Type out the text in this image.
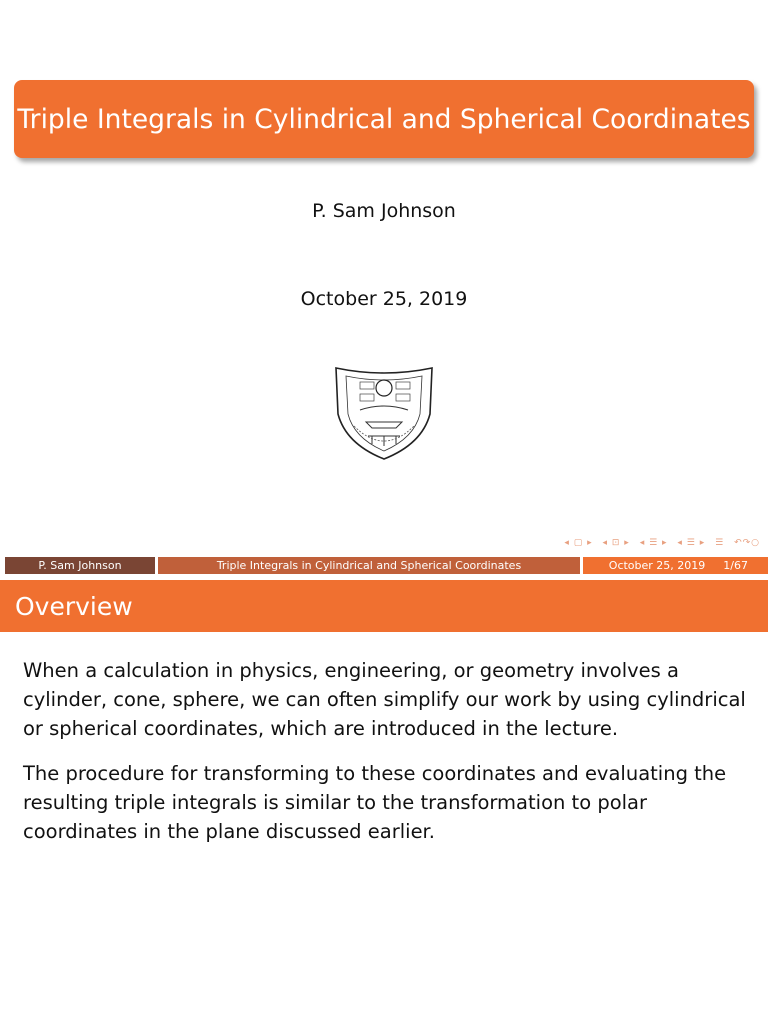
Triple Integrals in Cylindrical and Spherical Coordinates
P. Sam Johnson
October 25, 2019
◂ ▢ ▸ ◂ ⊡ ▸ ◂ ☰ ▸ ◂ ☰ ▸ ☰ ↶↷○
P. Sam Johnson	Triple Integrals in Cylindrical and Spherical Coordinates	October 25, 2019 1/67
Overview

When a calculation in physics, engineering, or geometry involves a cylinder, cone, sphere, we can often simplify our work by using cylindrical or spherical coordinates, which are introduced in the lecture.

The procedure for transforming to these coordinates and evaluating the resulting triple integrals is similar to the transformation to polar coordinates in the plane discussed earlier.
